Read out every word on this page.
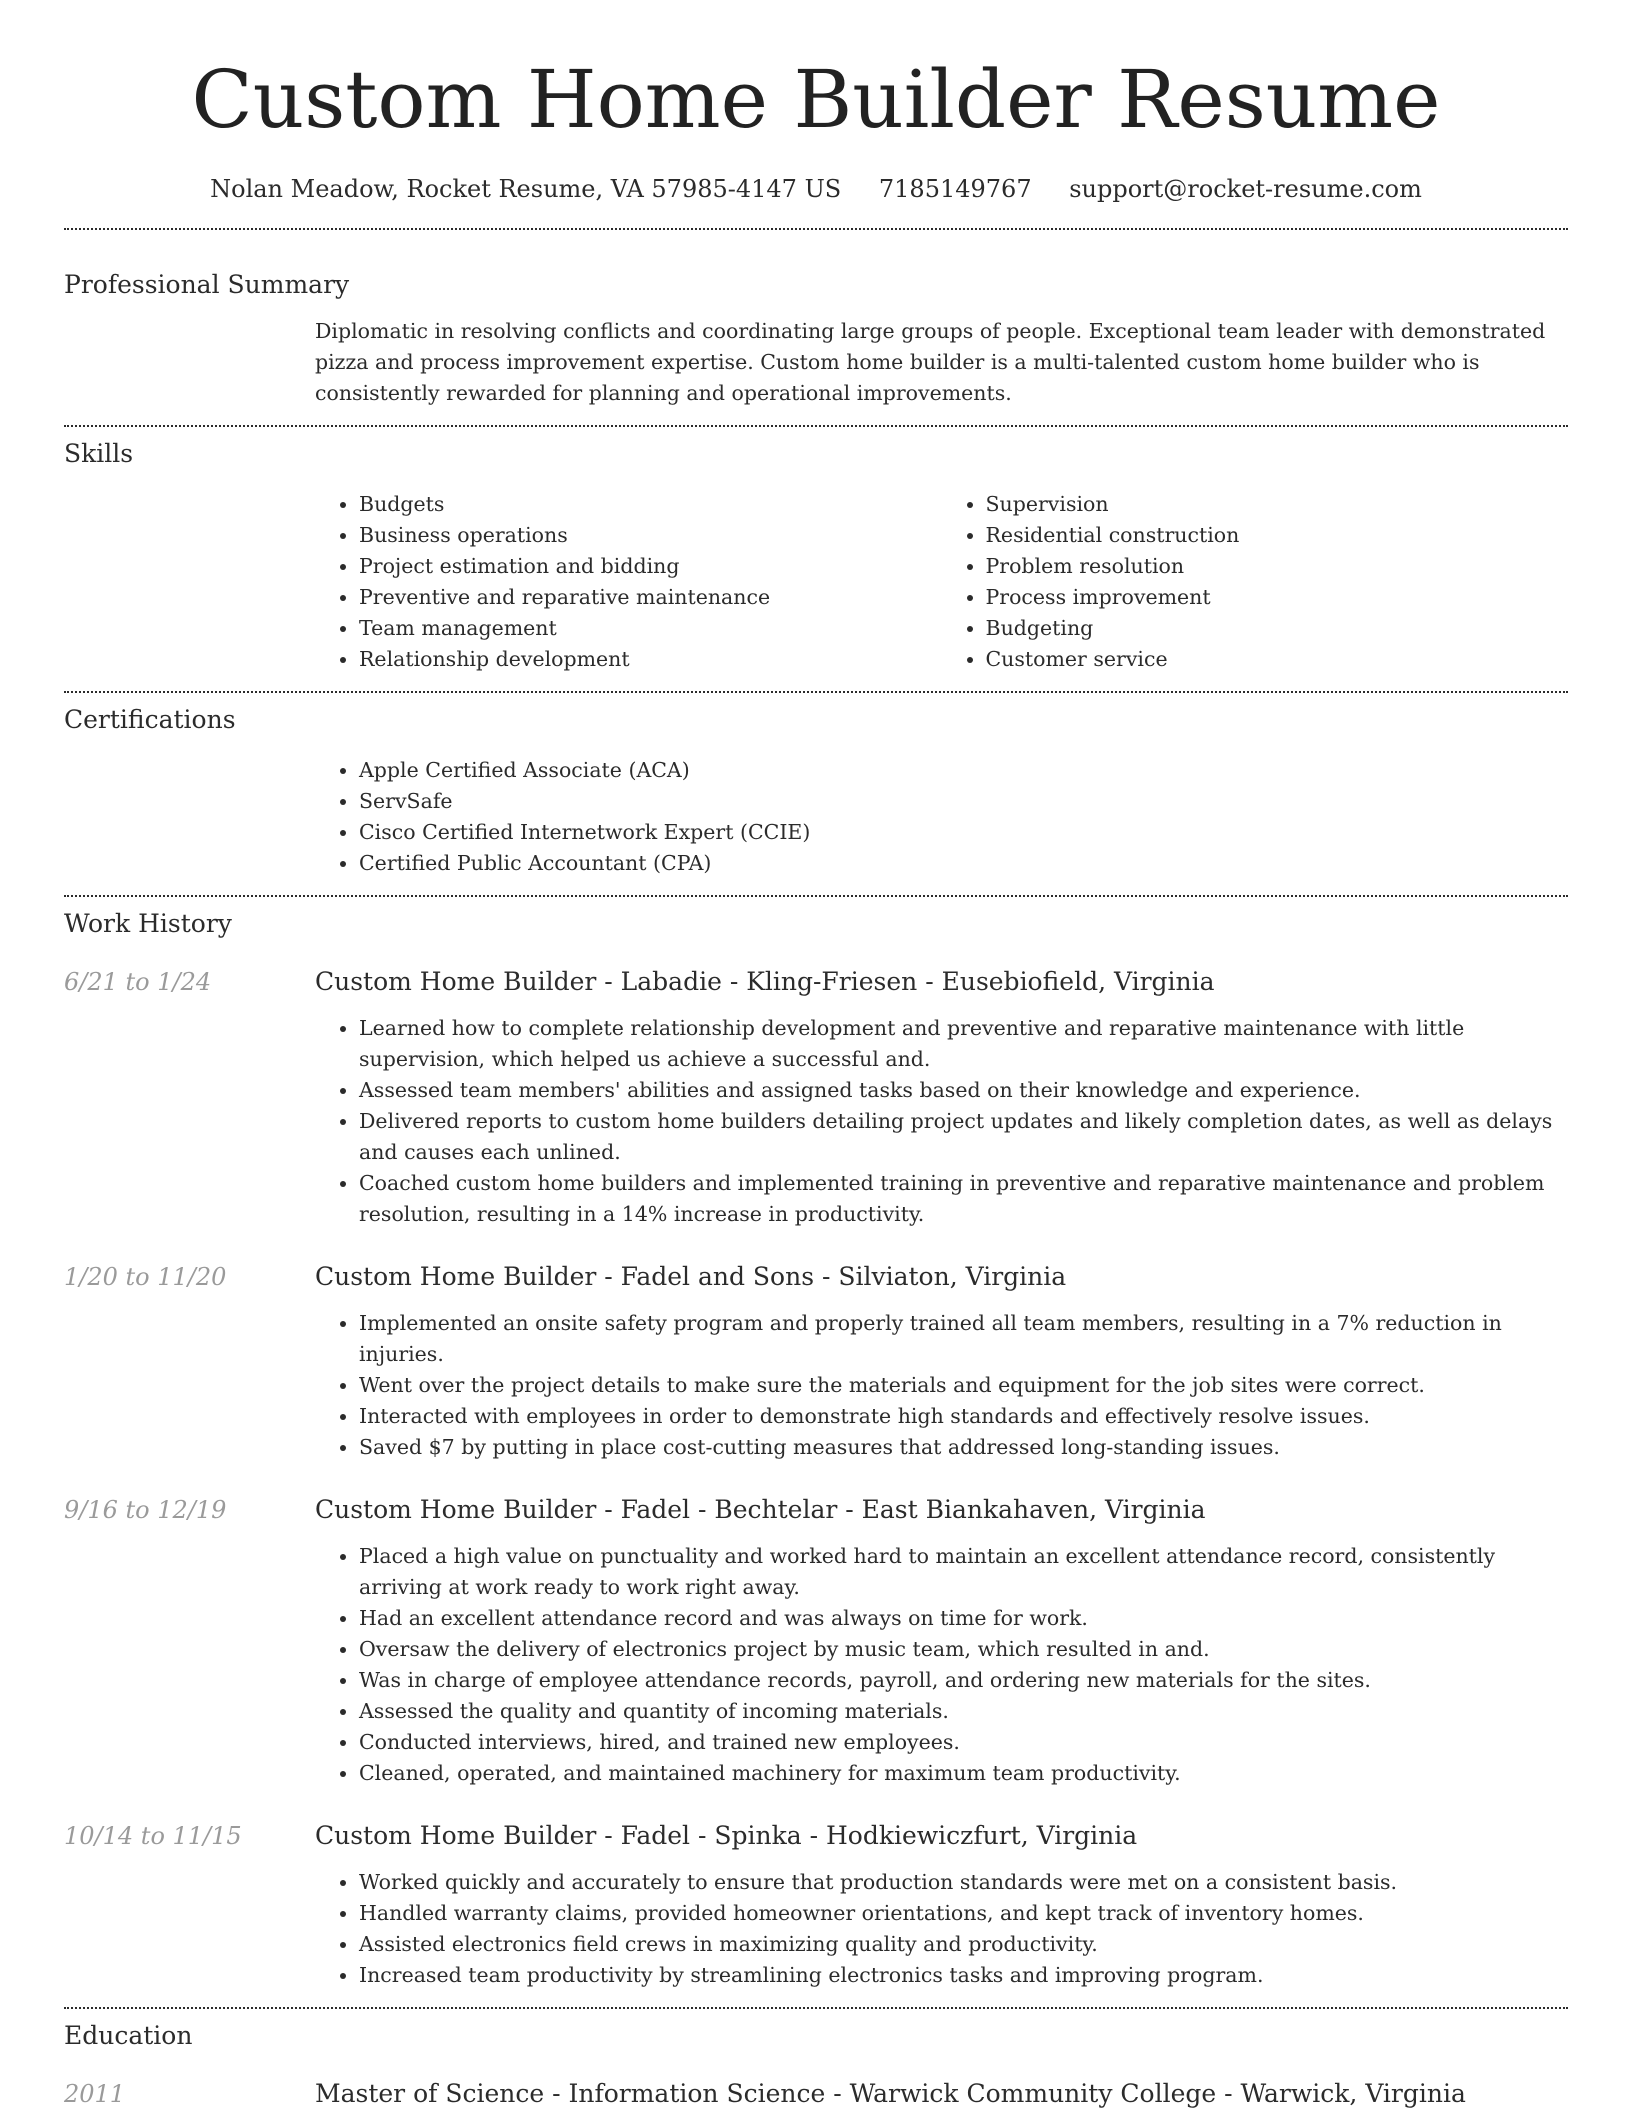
Custom Home Builder Resume
Nolan Meadow, Rocket Resume, VA 57985-4147 US 7185149767 support@rocket-resume.com
Professional Summary
Diplomatic in resolving conflicts and coordinating large groups of people. Exceptional team leader with demonstrated pizza and process improvement expertise. Custom home builder is a multi-talented custom home builder who is consistently rewarded for planning and operational improvements.
Skills
• Budgets
• Business operations
• Project estimation and bidding
• Preventive and reparative maintenance
• Team management
• Relationship development
• Supervision
• Residential construction
• Problem resolution
• Process improvement
• Budgeting
• Customer service
Certifications
• Apple Certified Associate (ACA)
• ServSafe
• Cisco Certified Internetwork Expert (CCIE)
• Certified Public Accountant (CPA)
Work History
6/21 to 1/24	Custom Home Builder - Labadie - Kling-Friesen - Eusebiofield, Virginia
• Learned how to complete relationship development and preventive and reparative maintenance with little supervision, which helped us achieve a successful and.
• Assessed team members' abilities and assigned tasks based on their knowledge and experience.
• Delivered reports to custom home builders detailing project updates and likely completion dates, as well as delays and causes each unlined.
• Coached custom home builders and implemented training in preventive and reparative maintenance and problem resolution, resulting in a 14% increase in productivity.
1/20 to 11/20	Custom Home Builder - Fadel and Sons - Silviaton, Virginia
• Implemented an onsite safety program and properly trained all team members, resulting in a 7% reduction in injuries.
• Went over the project details to make sure the materials and equipment for the job sites were correct.
• Interacted with employees in order to demonstrate high standards and effectively resolve issues.
• Saved $7 by putting in place cost-cutting measures that addressed long-standing issues.
9/16 to 12/19	Custom Home Builder - Fadel - Bechtelar - East Biankahaven, Virginia
• Placed a high value on punctuality and worked hard to maintain an excellent attendance record, consistently arriving at work ready to work right away.
• Had an excellent attendance record and was always on time for work.
• Oversaw the delivery of electronics project by music team, which resulted in and.
• Was in charge of employee attendance records, payroll, and ordering new materials for the sites.
• Assessed the quality and quantity of incoming materials.
• Conducted interviews, hired, and trained new employees.
• Cleaned, operated, and maintained machinery for maximum team productivity.
10/14 to 11/15	Custom Home Builder - Fadel - Spinka - Hodkiewiczfurt, Virginia
• Worked quickly and accurately to ensure that production standards were met on a consistent basis.
• Handled warranty claims, provided homeowner orientations, and kept track of inventory homes.
• Assisted electronics field crews in maximizing quality and productivity.
• Increased team productivity by streamlining electronics tasks and improving program.
Education
2011	Master of Science - Information Science - Warwick Community College - Warwick, Virginia
